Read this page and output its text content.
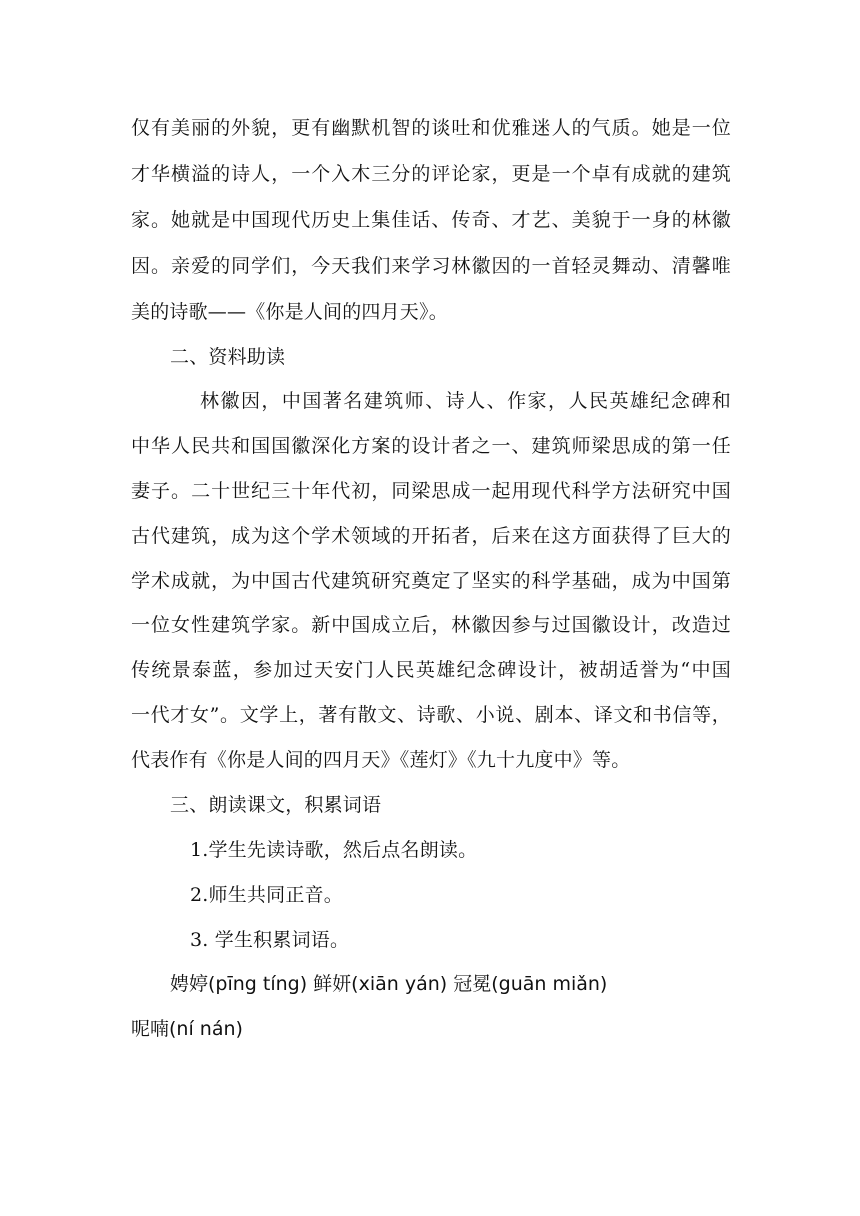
仅有美丽的外貌，更有幽默机智的谈吐和优雅迷人的气质。她是一位
才华横溢的诗人，一个入木三分的评论家，更是一个卓有成就的建筑
家。她就是中国现代历史上集佳话、传奇、才艺、美貌于一身的林徽
因。亲爱的同学们，今天我们来学习林徽因的一首轻灵舞动、清馨唯
美的诗歌——《你是人间的四月天》。
二、资料助读
林徽因，中国著名建筑师、诗人、作家，人民英雄纪念碑和
中华人民共和国国徽深化方案的设计者之一、建筑师梁思成的第一任
妻子。二十世纪三十年代初，同梁思成一起用现代科学方法研究中国
古代建筑，成为这个学术领域的开拓者，后来在这方面获得了巨大的
学术成就，为中国古代建筑研究奠定了坚实的科学基础，成为中国第
一位女性建筑学家。新中国成立后，林徽因参与过国徽设计，改造过
传统景泰蓝，参加过天安门人民英雄纪念碑设计，被胡适誉为“中国
一代才女”。文学上，著有散文、诗歌、小说、剧本、译文和书信等，
代表作有《你是人间的四月天》《莲灯》《九十九度中》等。
三、朗读课文，积累词语
1.学生先读诗歌，然后点名朗读。
2.师生共同正音。
3. 学生积累词语。
娉婷(pīng tíng) 鲜妍(xiān yán) 冠冕(guān miǎn)
呢喃(ní nán)
